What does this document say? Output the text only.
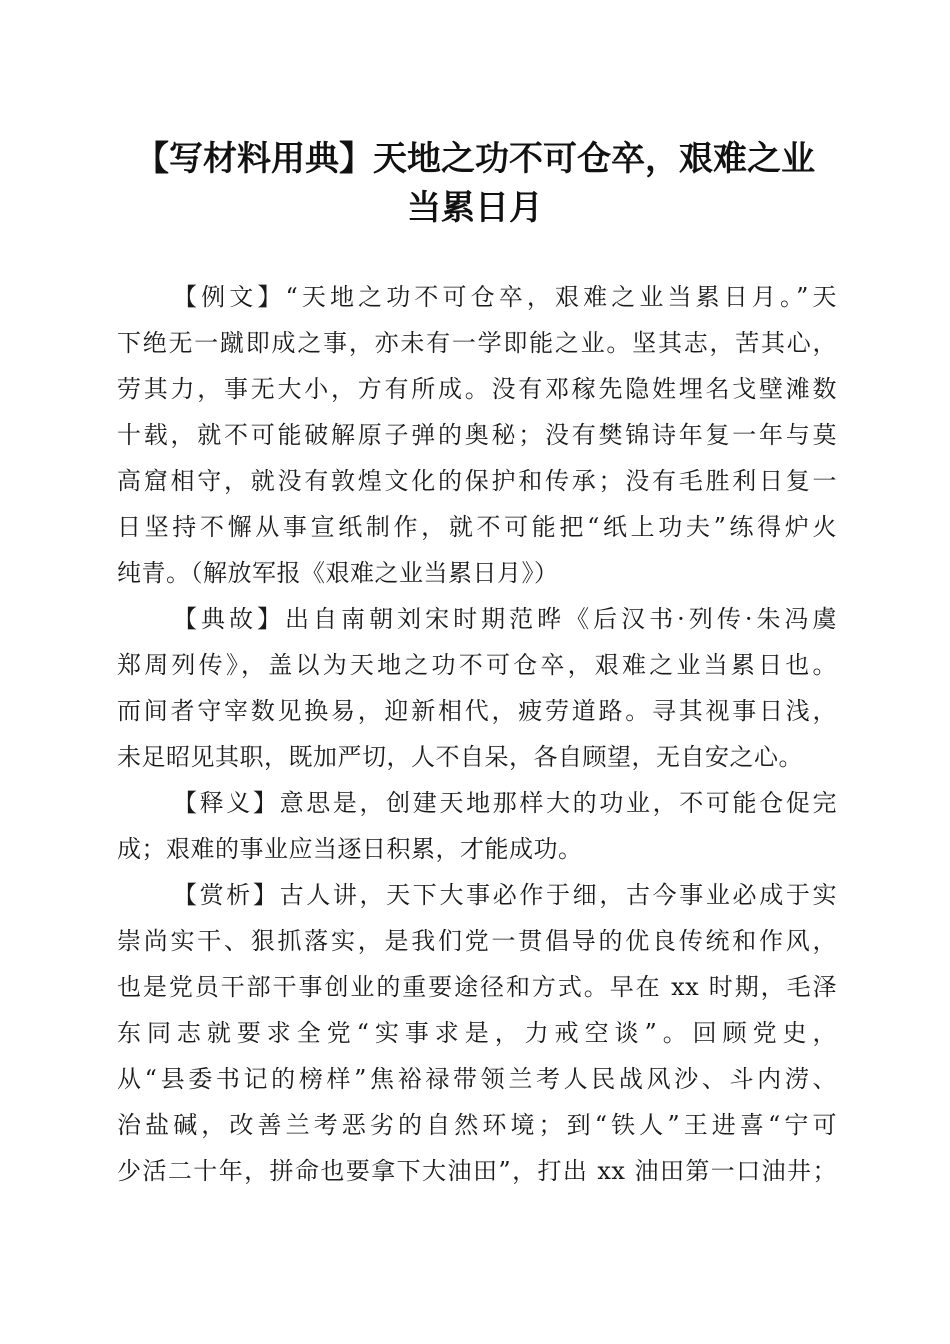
【写材料用典】天地之功不可仓卒，艰难之业
当累日月
【例文】“天地之功不可仓卒，艰难之业当累日月。”天
下绝无一蹴即成之事，亦未有一学即能之业。坚其志，苦其心，
劳其力，事无大小，方有所成。没有邓稼先隐姓埋名戈壁滩数
十载，就不可能破解原子弹的奥秘；没有樊锦诗年复一年与莫
高窟相守，就没有敦煌文化的保护和传承；没有毛胜利日复一
日坚持不懈从事宣纸制作，就不可能把“纸上功夫”练得炉火
纯青。（解放军报《艰难之业当累日月》）
【典故】出自南朝刘宋时期范晔《后汉书·列传·朱冯虞
郑周列传》，盖以为天地之功不可仓卒，艰难之业当累日也。
而间者守宰数见换易，迎新相代，疲劳道路。寻其视事日浅，
未足昭见其职，既加严切，人不自呆，各自顾望，无自安之心。
【释义】意思是，创建天地那样大的功业，不可能仓促完
成；艰难的事业应当逐日积累，才能成功。
【赏析】古人讲，天下大事必作于细，古今事业必成于实
崇尚实干、狠抓落实，是我们党一贯倡导的优良传统和作风，
也是党员干部干事创业的重要途径和方式。早在 xx 时期，毛泽
东同志就要求全党“实事求是，力戒空谈”。回顾党史，
从“县委书记的榜样”焦裕禄带领兰考人民战风沙、斗内涝、
治盐碱，改善兰考恶劣的自然环境；到“铁人”王进喜“宁可
少活二十年，拼命也要拿下大油田”，打出 xx 油田第一口油井；
